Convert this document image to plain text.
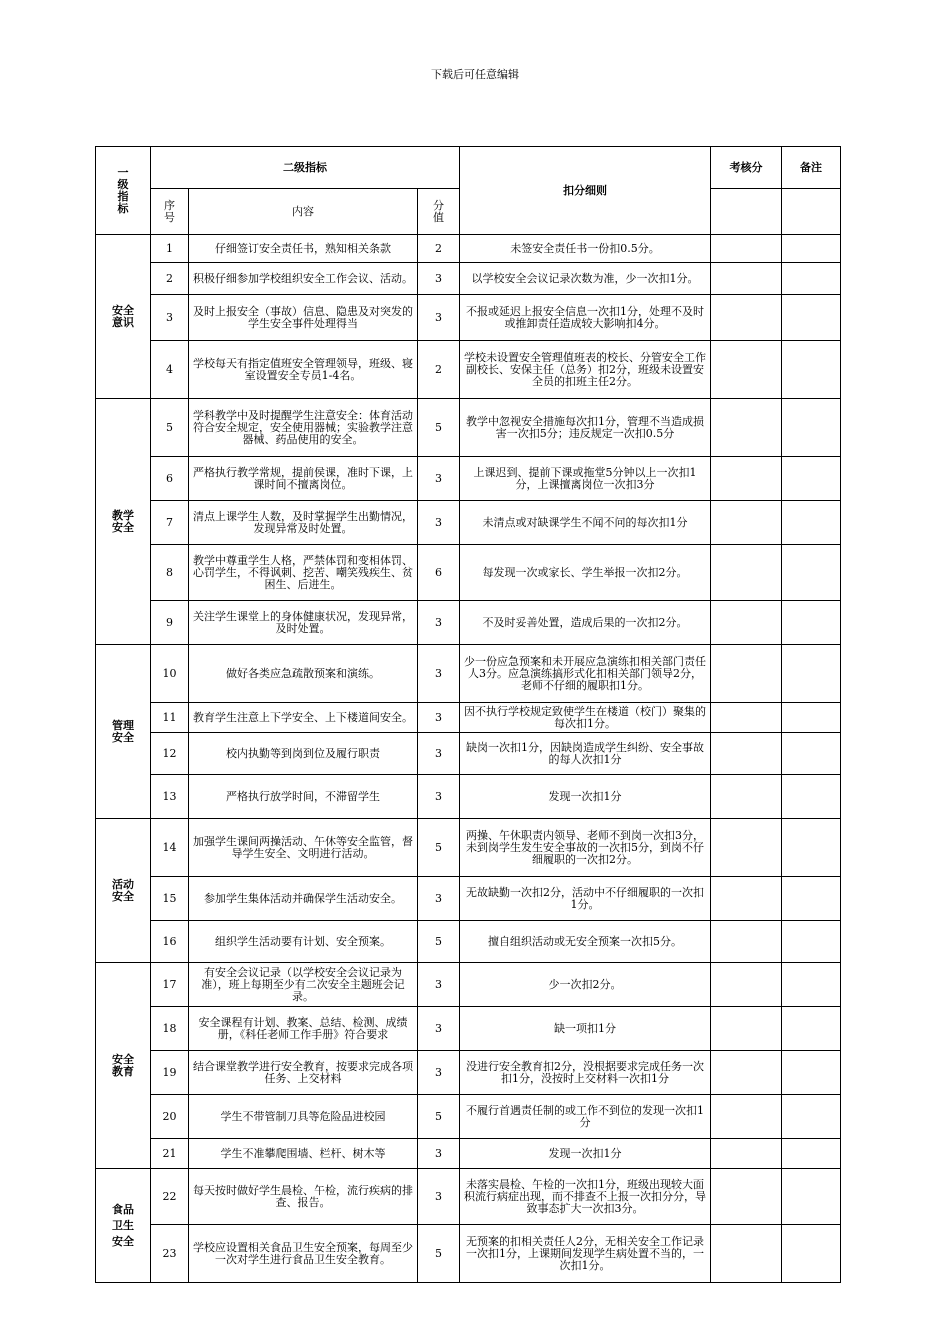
下载后可任意编辑
一级指标	二级指标			扣分细则	考核分	备注
	序号	内容	分值			
安全意识	1	仔细签订安全责任书，熟知相关条款	2	未签安全责任书一份扣0.5分。		
	2	积极仔细参加学校组织安全工作会议、活动。	3	以学校安全会议记录次数为准，少一次扣1分。		
	3	及时上报安全（事故）信息、隐患及对突发的学生安全事件处理得当	3	不报或延迟上报安全信息一次扣1分，处理不及时或推卸责任造成较大影响扣4分。		
	4	学校每天有指定值班安全管理领导，班级、寝室设置安全专员1-4名。	2	学校未设置安全管理值班表的校长、分管安全工作副校长、安保主任（总务）扣2分，班级未设置安全员的扣班主任2分。		
教学安全	5	学科教学中及时提醒学生注意安全：体育活动符合安全规定，安全使用器械；实验教学注意器械、药品使用的安全。	5	教学中忽视安全措施每次扣1分，管理不当造成损害一次扣5分；违反规定一次扣0.5分		
	6	严格执行教学常规，提前侯课，准时下课，上课时间不擅离岗位。	3	上课迟到、提前下课或拖堂5分钟以上一次扣1分，上课擅离岗位一次扣3分		
	7	清点上课学生人数，及时掌握学生出勤情况，发现异常及时处置。	3	未清点或对缺课学生不闻不问的每次扣1分		
	8	教学中尊重学生人格，严禁体罚和变相体罚、心罚学生，不得讽刺、挖苦、嘲笑残疾生、贫困生、后进生。	6	每发现一次或家长、学生举报一次扣2分。		
	9	关注学生课堂上的身体健康状况，发现异常，及时处置。	3	不及时妥善处置，造成后果的一次扣2分。		
管理安全	10	做好各类应急疏散预案和演练。	3	少一份应急预案和未开展应急演练扣相关部门责任人3分。应急演练搞形式化扣相关部门领导2分，老师不仔细的履职扣1分。		
	11	教育学生注意上下学安全、上下楼道间安全。	3	因不执行学校规定致使学生在楼道（校门）聚集的每次扣1分。		
	12	校内执勤等到岗到位及履行职责	3	缺岗一次扣1分，因缺岗造成学生纠纷、安全事故的每人次扣1分		
	13	严格执行放学时间，不滞留学生	3	发现一次扣1分		
活动安全	14	加强学生课间两操活动、午休等安全监管，督导学生安全、文明进行活动。	5	两操、午休职责内领导、老师不到岗一次扣3分，未到岗学生发生安全事故的一次扣5分，到岗不仔细履职的一次扣2分。		
	15	参加学生集体活动并确保学生活动安全。	3	无故缺勤一次扣2分，活动中不仔细履职的一次扣1分。		
	16	组织学生活动要有计划、安全预案。	5	擅自组织活动或无安全预案一次扣5分。		
安全教育	17	有安全会议记录（以学校安全会议记录为准），班上每期至少有二次安全主题班会记录。	3	少一次扣2分。		
	18	安全课程有计划、教案、总结、检测、成绩册，《科任老师工作手册》符合要求	3	缺一项扣1分		
	19	结合课堂教学进行安全教育，按要求完成各项任务、上交材料	3	没进行安全教育扣2分，没根据要求完成任务一次扣1分，没按时上交材料一次扣1分		
	20	学生不带管制刀具等危险品进校园	5	不履行首遇责任制的或工作不到位的发现一次扣1分		
	21	学生不准攀爬围墙、栏杆、树木等	3	发现一次扣1分		
食品卫生安全	22	每天按时做好学生晨检、午检，流行疾病的排查、报告。	3	未落实晨检、午检的一次扣1分，班级出现较大面积流行病症出现，而不排查不上报一次扣分分，导致事态扩大一次扣3分。		
	23	学校应设置相关食品卫生安全预案，每周至少一次对学生进行食品卫生安全教育。	5	无预案的扣相关责任人2分，无相关安全工作记录一次扣1分，上课期间发现学生病处置不当的，一次扣1分。		
